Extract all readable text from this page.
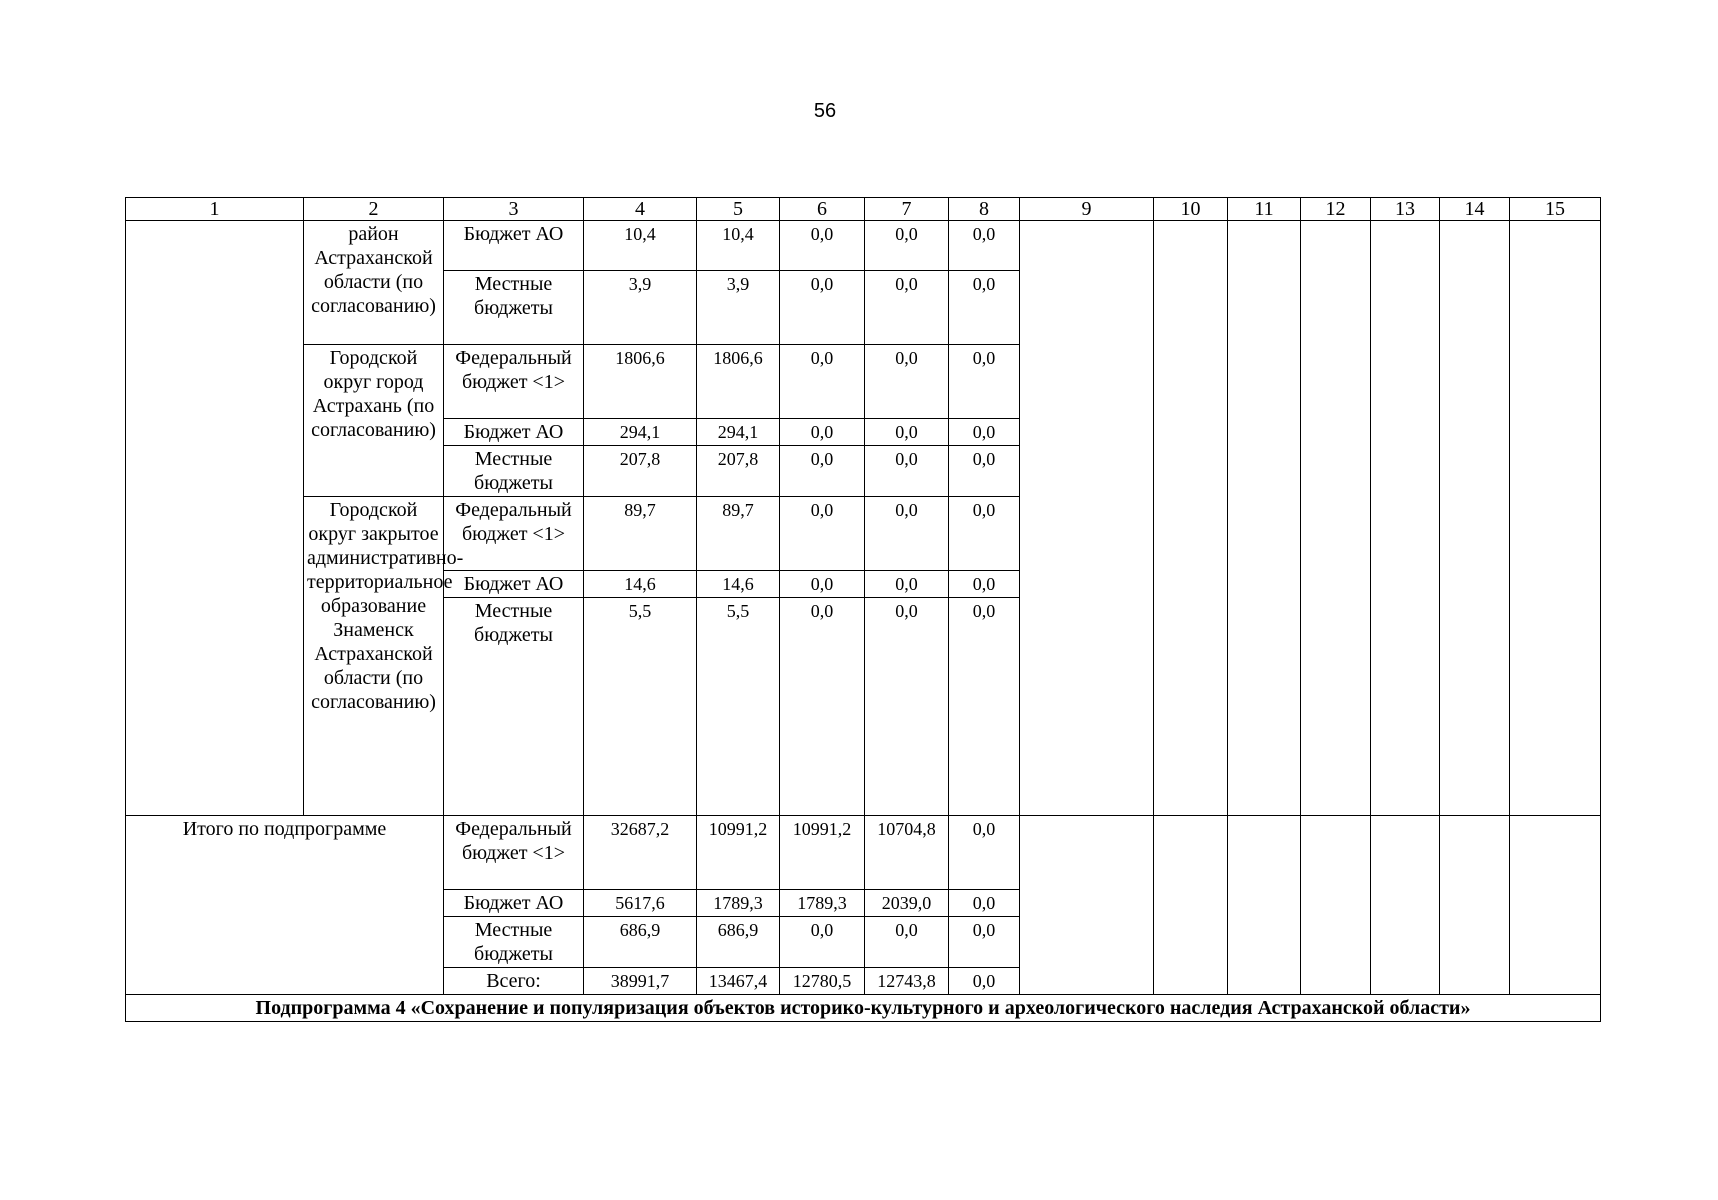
56
1	2	3	4	5	6	7	8	9	10	11	12	13	14	15
	район Астраханской области (по согласованию)	Бюджет АО	10,4	10,4	0,0	0,0	0,0							
		Местные бюджеты	3,9	3,9	0,0	0,0	0,0							
	Городской округ город Астрахань (по согласованию)	Федеральный бюджет <1>	1806,6	1806,6	0,0	0,0	0,0							
		Бюджет АО	294,1	294,1	0,0	0,0	0,0							
		Местные бюджеты	207,8	207,8	0,0	0,0	0,0							
	Городской округ закрытое административно-территориальное образование Знаменск Астраханской области (по согласованию)	Федеральный бюджет <1>	89,7	89,7	0,0	0,0	0,0							
		Бюджет АО	14,6	14,6	0,0	0,0	0,0							
		Местные бюджеты	5,5	5,5	0,0	0,0	0,0							
Итого по подпрограмме		Федеральный бюджет <1>	32687,2	10991,2	10991,2	10704,8	0,0							
		Бюджет АО	5617,6	1789,3	1789,3	2039,0	0,0							
		Местные бюджеты	686,9	686,9	0,0	0,0	0,0							
		Всего:	38991,7	13467,4	12780,5	12743,8	0,0							
Подпрограмма 4 «Сохранение и популяризация объектов историко-культурного и археологического наследия Астраханской области»														
